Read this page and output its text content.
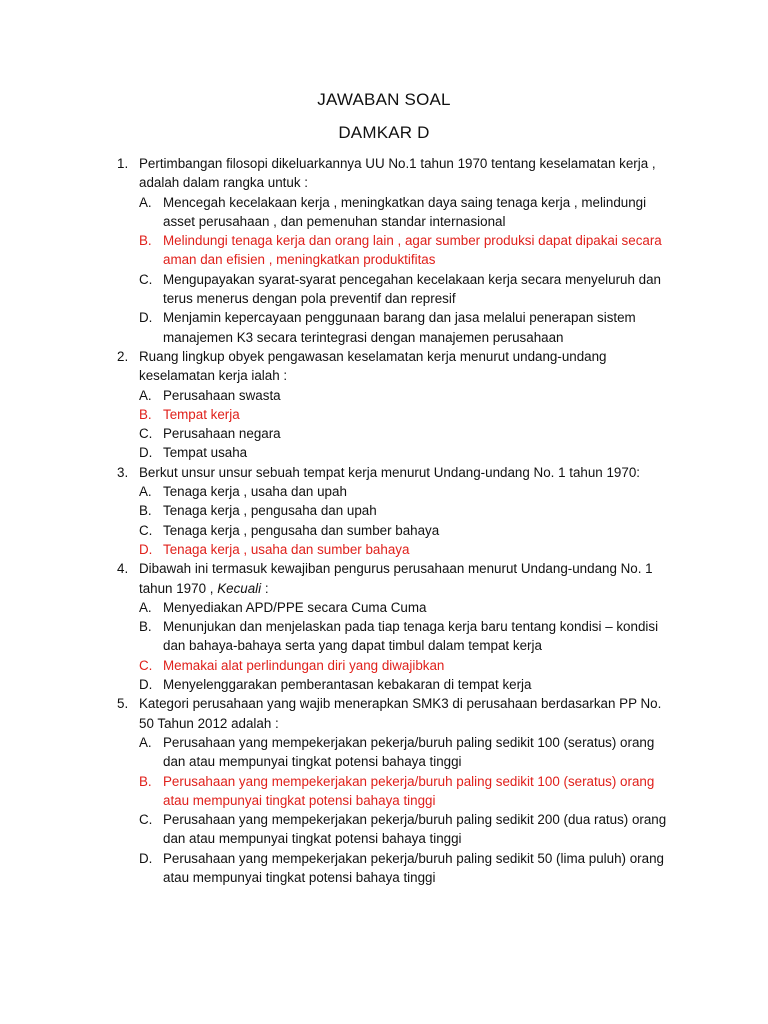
JAWABAN SOAL
DAMKAR D
1. Pertimbangan filosopi dikeluarkannya UU No.1 tahun 1970 tentang keselamatan kerja , adalah dalam rangka untuk :
A. Mencegah kecelakaan kerja , meningkatkan daya saing tenaga kerja , melindungi asset perusahaan , dan pemenuhan standar internasional
B. Melindungi tenaga kerja dan orang lain , agar sumber produksi dapat dipakai secara aman dan efisien , meningkatkan produktifitas
C. Mengupayakan syarat-syarat pencegahan kecelakaan kerja secara menyeluruh dan terus menerus dengan pola preventif dan represif
D. Menjamin kepercayaan penggunaan barang dan jasa melalui penerapan sistem manajemen K3 secara terintegrasi dengan manajemen perusahaan
2. Ruang lingkup obyek pengawasan keselamatan kerja menurut undang-undang keselamatan kerja ialah :
A. Perusahaan swasta
B. Tempat kerja
C. Perusahaan negara
D. Tempat usaha
3. Berkut unsur unsur sebuah tempat kerja menurut Undang-undang No. 1 tahun 1970:
A. Tenaga kerja , usaha dan upah
B. Tenaga kerja , pengusaha dan upah
C. Tenaga kerja , pengusaha dan sumber bahaya
D. Tenaga kerja , usaha dan sumber bahaya
4. Dibawah ini termasuk kewajiban pengurus perusahaan menurut Undang-undang No. 1 tahun 1970 , Kecuali :
A. Menyediakan APD/PPE secara Cuma Cuma
B. Menunjukan dan menjelaskan pada tiap tenaga kerja baru tentang kondisi – kondisi dan bahaya-bahaya serta yang dapat timbul dalam tempat kerja
C. Memakai alat perlindungan diri yang diwajibkan
D. Menyelenggarakan pemberantasan kebakaran di tempat kerja
5. Kategori perusahaan yang wajib menerapkan SMK3 di perusahaan berdasarkan PP No. 50 Tahun 2012 adalah :
A. Perusahaan yang mempekerjakan pekerja/buruh paling sedikit 100 (seratus) orang dan atau mempunyai tingkat potensi bahaya tinggi
B. Perusahaan yang mempekerjakan pekerja/buruh paling sedikit 100 (seratus) orang atau mempunyai tingkat potensi bahaya tinggi
C. Perusahaan yang mempekerjakan pekerja/buruh paling sedikit 200 (dua ratus) orang dan atau mempunyai tingkat potensi bahaya tinggi
D. Perusahaan yang mempekerjakan pekerja/buruh paling sedikit 50 (lima puluh) orang atau mempunyai tingkat potensi bahaya tinggi
